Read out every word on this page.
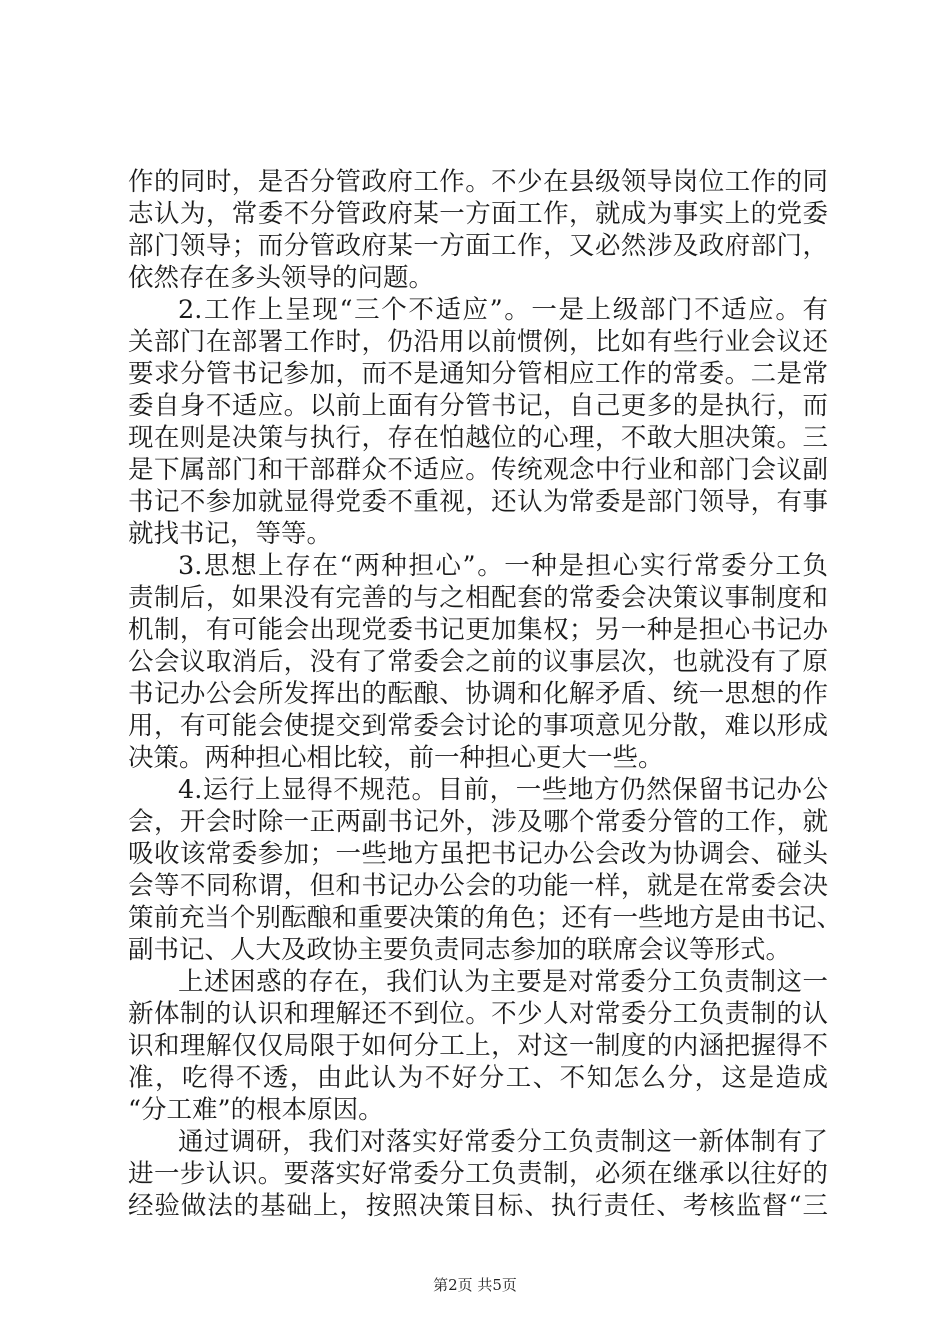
作的同时，是否分管政府工作。不少在县级领导岗位工作的同
志认为，常委不分管政府某一方面工作，就成为事实上的党委
部门领导；而分管政府某一方面工作，又必然涉及政府部门，
依然存在多头领导的问题。
2.工作上呈现“三个不适应”。一是上级部门不适应。有
关部门在部署工作时，仍沿用以前惯例，比如有些行业会议还
要求分管书记参加，而不是通知分管相应工作的常委。二是常
委自身不适应。以前上面有分管书记，自己更多的是执行，而
现在则是决策与执行，存在怕越位的心理，不敢大胆决策。三
是下属部门和干部群众不适应。传统观念中行业和部门会议副
书记不参加就显得党委不重视，还认为常委是部门领导，有事
就找书记，等等。
3.思想上存在“两种担心”。一种是担心实行常委分工负
责制后，如果没有完善的与之相配套的常委会决策议事制度和
机制，有可能会出现党委书记更加集权；另一种是担心书记办
公会议取消后，没有了常委会之前的议事层次，也就没有了原
书记办公会所发挥出的酝酿、协调和化解矛盾、统一思想的作
用，有可能会使提交到常委会讨论的事项意见分散，难以形成
决策。两种担心相比较，前一种担心更大一些。
4.运行上显得不规范。目前，一些地方仍然保留书记办公
会，开会时除一正两副书记外，涉及哪个常委分管的工作，就
吸收该常委参加；一些地方虽把书记办公会改为协调会、碰头
会等不同称谓，但和书记办公会的功能一样，就是在常委会决
策前充当个别酝酿和重要决策的角色；还有一些地方是由书记、
副书记、人大及政协主要负责同志参加的联席会议等形式。
上述困惑的存在，我们认为主要是对常委分工负责制这一
新体制的认识和理解还不到位。不少人对常委分工负责制的认
识和理解仅仅局限于如何分工上，对这一制度的内涵把握得不
准，吃得不透，由此认为不好分工、不知怎么分，这是造成
“分工难”的根本原因。
通过调研，我们对落实好常委分工负责制这一新体制有了
进一步认识。要落实好常委分工负责制，必须在继承以往好的
经验做法的基础上，按照决策目标、执行责任、考核监督“三
第2页 共5页
